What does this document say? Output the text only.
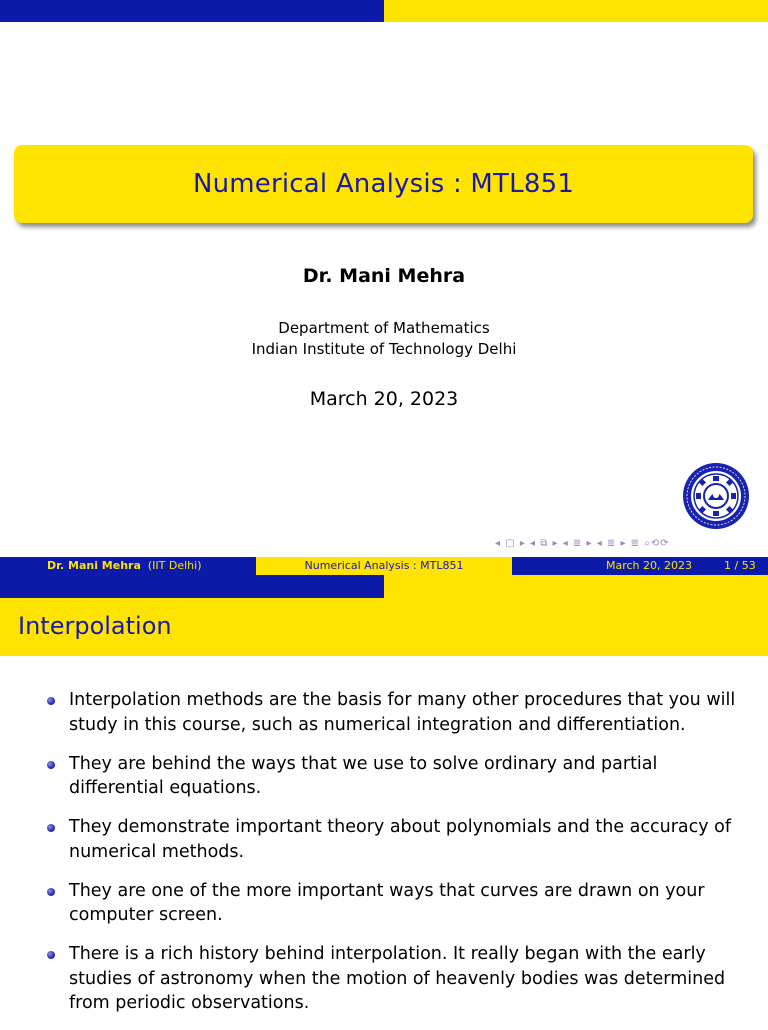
Numerical Analysis : MTL851
Dr. Mani Mehra
Department of Mathematics
Indian Institute of Technology Delhi
March 20, 2023
◂ ▢ ▸ ◂ ⧉ ▸ ◂ ≣ ▸ ◂ ≣ ▸ ≣ ⌕⟲⟳
Dr. Mani Mehra (IIT Delhi)	Numerical Analysis : MTL851	March 20, 2023	1 / 53
Interpolation
Interpolation methods are the basis for many other procedures that you will study in this course, such as numerical integration and differentiation.
They are behind the ways that we use to solve ordinary and partial differential equations.
They demonstrate important theory about polynomials and the accuracy of numerical methods.
They are one of the more important ways that curves are drawn on your computer screen.
There is a rich history behind interpolation. It really began with the early studies of astronomy when the motion of heavenly bodies was determined from periodic observations.
